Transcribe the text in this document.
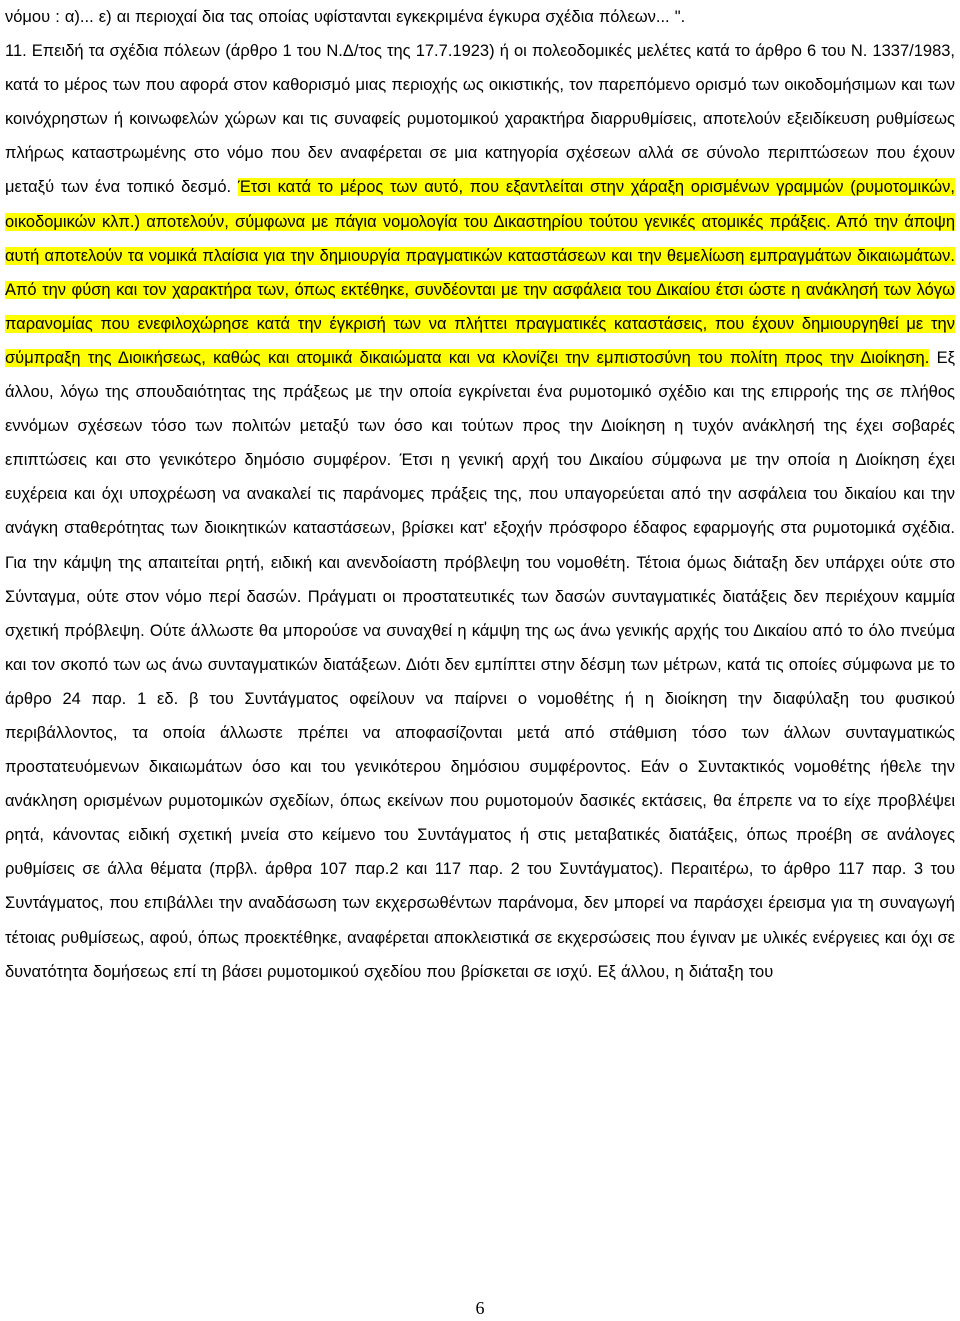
νόμου : α)... ε) αι περιοχαί δια τας οποίας υφίστανται εγκεκριμένα έγκυρα σχέδια πόλεων... ".

11. Επειδή τα σχέδια πόλεων (άρθρο 1 του Ν.Δ/τος της 17.7.1923) ή οι πολεοδομικές μελέτες κατά το άρθρο 6 του Ν. 1337/1983, κατά το μέρος των που αφορά στον καθορισμό μιας περιοχής ως οικιστικής, τον παρεπόμενο ορισμό των οικοδομήσιμων και των κοινόχρηστων ή κοινωφελών χώρων και τις συναφείς ρυμοτομικού χαρακτήρα διαρρυθμίσεις, αποτελούν εξειδίκευση ρυθμίσεως πλήρως καταστρωμένης στο νόμο που δεν αναφέρεται σε μια κατηγορία σχέσεων αλλά σε σύνολο περιπτώσεων που έχουν μεταξύ των ένα τοπικό δεσμό. Έτσι κατά το μέρος των αυτό, που εξαντλείται στην χάραξη ορισμένων γραμμών (ρυμοτομικών, οικοδομικών κλπ.) αποτελούν, σύμφωνα με πάγια νομολογία του Δικαστηρίου τούτου γενικές ατομικές πράξεις. Από την άποψη αυτή αποτελούν τα νομικά πλαίσια για την δημιουργία πραγματικών καταστάσεων και την θεμελίωση εμπραγμάτων δικαιωμάτων. Από την φύση και τον χαρακτήρα των, όπως εκτέθηκε, συνδέονται με την ασφάλεια του Δικαίου έτσι ώστε η ανάκλησή των λόγω παρανομίας που ενεφιλοχώρησε κατά την έγκρισή των να πλήττει πραγματικές καταστάσεις, που έχουν δημιουργηθεί με την σύμπραξη της Διοικήσεως, καθώς και ατομικά δικαιώματα και να κλονίζει την εμπιστοσύνη του πολίτη προς την Διοίκηση. Εξ άλλου, λόγω της σπουδαιότητας της πράξεως με την οποία εγκρίνεται ένα ρυμοτομικό σχέδιο και της επιρροής της σε πλήθος εννόμων σχέσεων τόσο των πολιτών μεταξύ των όσο και τούτων προς την Διοίκηση η τυχόν ανάκλησή της έχει σοβαρές επιπτώσεις και στο γενικότερο δημόσιο συμφέρον. Έτσι η γενική αρχή του Δικαίου σύμφωνα με την οποία η Διοίκηση έχει ευχέρεια και όχι υποχρέωση να ανακαλεί τις παράνομες πράξεις της, που υπαγορεύεται από την ασφάλεια του δικαίου και την ανάγκη σταθερότητας των διοικητικών καταστάσεων, βρίσκει κατ' εξοχήν πρόσφορο έδαφος εφαρμογής στα ρυμοτομικά σχέδια. Για την κάμψη της απαιτείται ρητή, ειδική και ανενδοίαστη πρόβλεψη του νομοθέτη. Τέτοια όμως διάταξη δεν υπάρχει ούτε στο Σύνταγμα, ούτε στον νόμο περί δασών. Πράγματι οι προστατευτικές των δασών συνταγματικές διατάξεις δεν περιέχουν καμμία σχετική πρόβλεψη. Ούτε άλλωστε θα μπορούσε να συναχθεί η κάμψη της ως άνω γενικής αρχής του Δικαίου από το όλο πνεύμα και τον σκοπό των ως άνω συνταγματικών διατάξεων. Διότι δεν εμπίπτει στην δέσμη των μέτρων, κατά τις οποίες σύμφωνα με το άρθρο 24 παρ. 1 εδ. β του Συντάγματος οφείλουν να παίρνει ο νομοθέτης ή η διοίκηση την διαφύλαξη του φυσικού περιβάλλοντος, τα οποία άλλωστε πρέπει να αποφασίζονται μετά από στάθμιση τόσο των άλλων συνταγματικώς προστατευόμενων δικαιωμάτων όσο και του γενικότερου δημόσιου συμφέροντος. Εάν ο Συντακτικός νομοθέτης ήθελε την ανάκληση ορισμένων ρυμοτομικών σχεδίων, όπως εκείνων που ρυμοτομούν δασικές εκτάσεις, θα έπρεπε να το είχε προβλέψει ρητά, κάνοντας ειδική σχετική μνεία στο κείμενο του Συντάγματος ή στις μεταβατικές διατάξεις, όπως προέβη σε ανάλογες ρυθμίσεις σε άλλα θέματα (πρβλ. άρθρα 107 παρ.2 και 117 παρ. 2 του Συντάγματος). Περαιτέρω, το άρθρο 117 παρ. 3 του Συντάγματος, που επιβάλλει την αναδάσωση των εκχερσωθέντων παράνομα, δεν μπορεί να παράσχει έρεισμα για τη συναγωγή τέτοιας ρυθμίσεως, αφού, όπως προεκτέθηκε, αναφέρεται αποκλειστικά σε εκχερσώσεις που έγιναν με υλικές ενέργειες και όχι σε δυνατότητα δομήσεως επί τη βάσει ρυμοτομικού σχεδίου που βρίσκεται σε ισχύ. Εξ άλλου, η διάταξη του

6
